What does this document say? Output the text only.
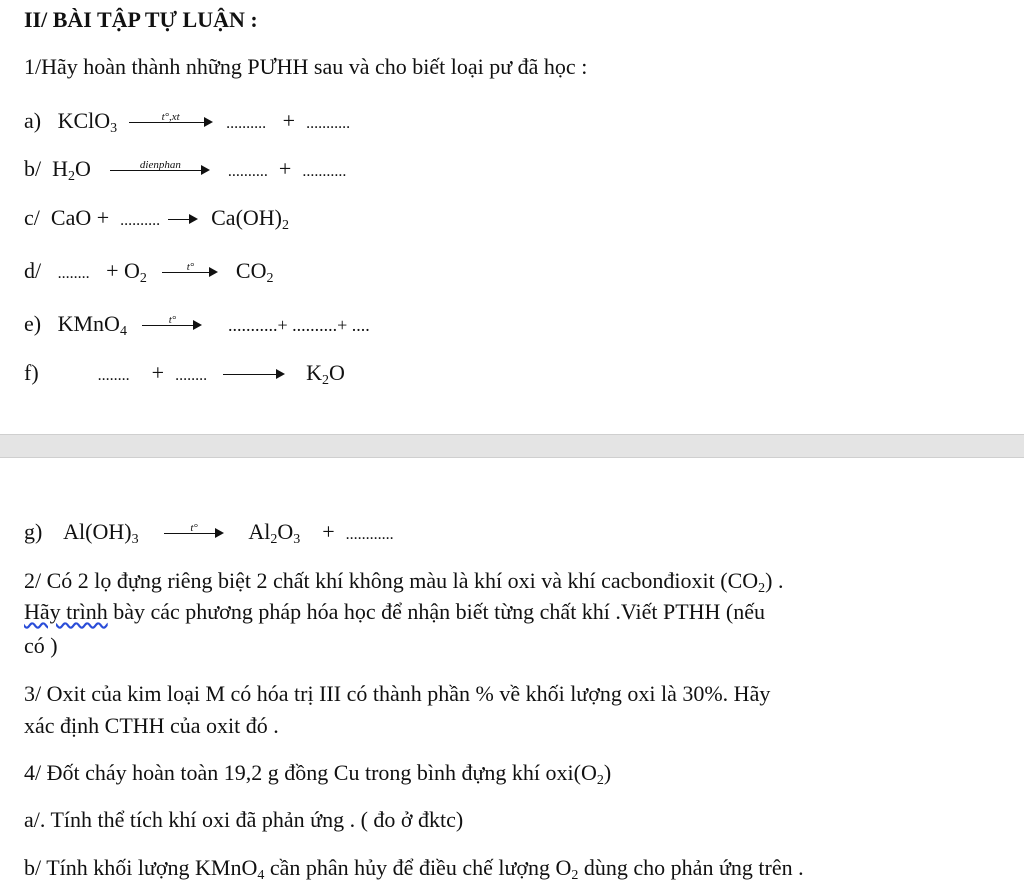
II/ BÀI TẬP TỰ LUẬN :
1/Hãy hoàn thành những PƯHH sau và cho biết loại pư đã học :
a) KClO$_3$
t°,xt	.......... + ...........
b/ $H_2O$	dienphan	.......... + ...........
c/ CaO + .......... $Ca(OH)_2$
d/ ........ + $O_2$
t°	$CO_2$
e) KMnO$_4$
t°	...........+ ..........+ ....
f)	........ + ........	$K_2O$
g) $Al(OH)_3$
t°	$Al_2O_3$ + ............
2/ Có 2 lọ đựng riêng biệt 2 chất khí không màu là khí oxi và khí cacbonđioxit $(CO_2)$ .
Hãy trình bày các phương pháp hóa học để nhận biết từng chất khí .Viết PTHH (nếu
có )
3/ Oxit của kim loại M có hóa trị III có thành phần % về khối lượng oxi là 30%. Hãy
xác định CTHH của oxit đó .
4/ Đốt cháy hoàn toàn 19,2 g đồng Cu trong bình đựng khí $oxi(O_2)$
a/. Tính thể tích khí oxi đã phản ứng . ( đo ở đktc)
b/ Tính khối lượng KMnO$_4$ cần phân hủy để điều chế lượng $O_2$ dùng cho phản ứng trên .
